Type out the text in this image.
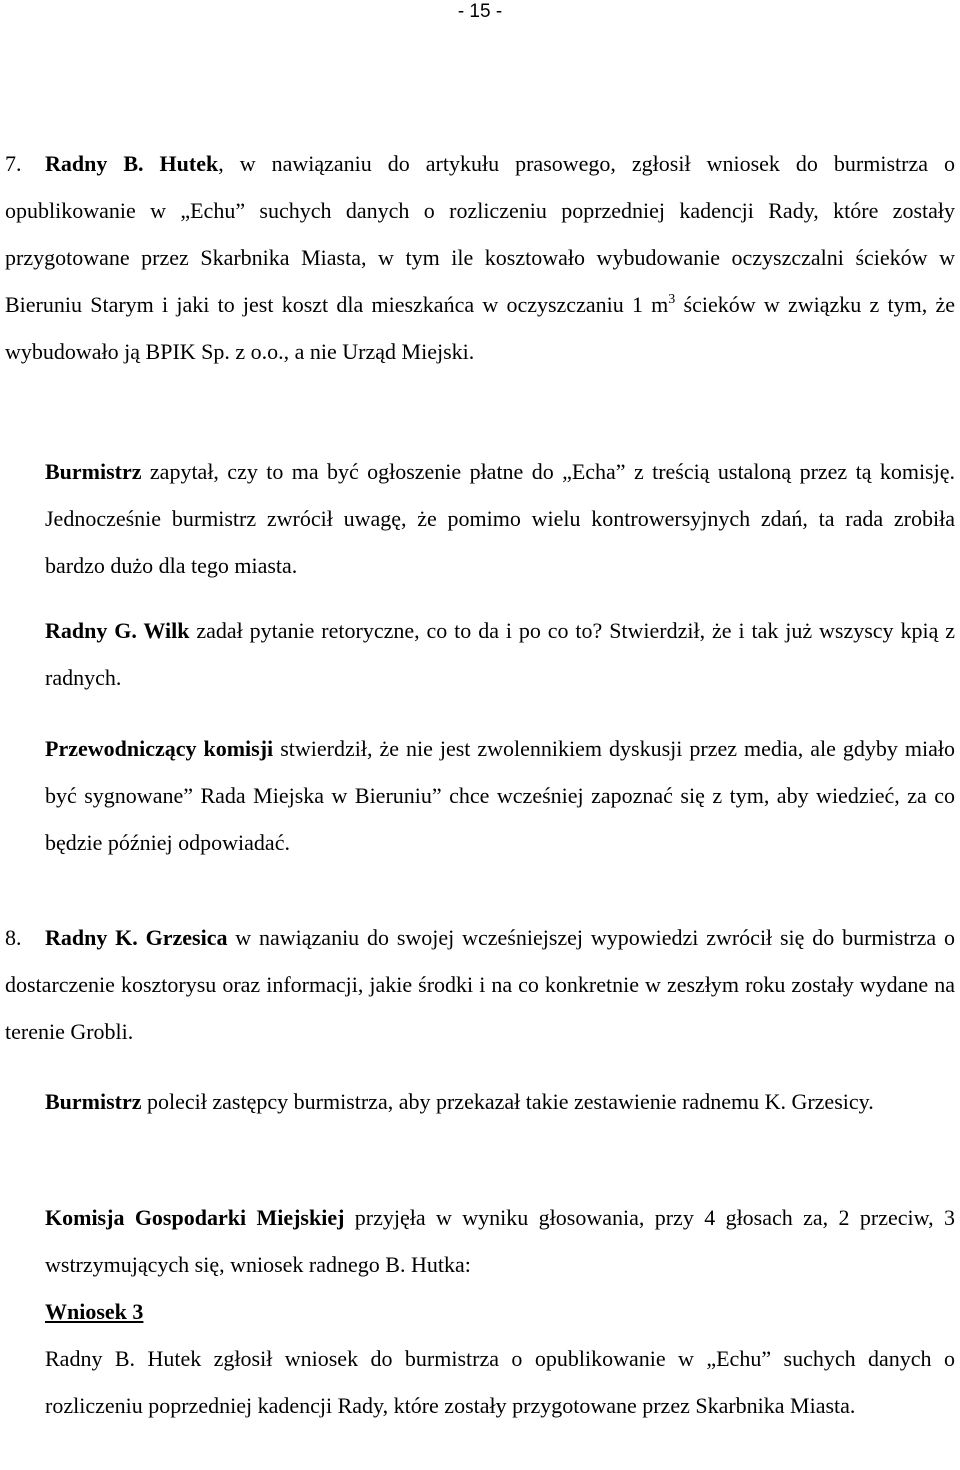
- 15 -

7. Radny B. Hutek, w nawiązaniu do artykułu prasowego, zgłosił wniosek do burmistrza o opublikowanie w „Echu” suchych danych o rozliczeniu poprzedniej kadencji Rady, które zostały przygotowane przez Skarbnika Miasta, w tym ile kosztowało wybudowanie oczyszczalni ścieków w Bieruniu Starym i jaki to jest koszt dla mieszkańca w oczyszczaniu 1 $m^3$ ścieków w związku z tym, że wybudowało ją BPIK Sp. z o.o., a nie Urząd Miejski.

Burmistrz zapytał, czy to ma być ogłoszenie płatne do „Echa” z treścią ustaloną przez tą komisję. Jednocześnie burmistrz zwrócił uwagę, że pomimo wielu kontrowersyjnych zdań, ta rada zrobiła bardzo dużo dla tego miasta.

Radny G. Wilk zadał pytanie retoryczne, co to da i po co to? Stwierdził, że i tak już wszyscy kpią z radnych.

Przewodniczący komisji stwierdził, że nie jest zwolennikiem dyskusji przez media, ale gdyby miało być sygnowane” Rada Miejska w Bieruniu” chce wcześniej zapoznać się z tym, aby wiedzieć, za co będzie później odpowiadać.

8. Radny K. Grzesica w nawiązaniu do swojej wcześniejszej wypowiedzi zwrócił się do burmistrza o dostarczenie kosztorysu oraz informacji, jakie środki i na co konkretnie w zeszłym roku zostały wydane na terenie Grobli.

Burmistrz polecił zastępcy burmistrza, aby przekazał takie zestawienie radnemu K. Grzesicy.

Komisja Gospodarki Miejskiej przyjęła w wyniku głosowania, przy 4 głosach za, 2 przeciw, 3 wstrzymujących się, wniosek radnego B. Hutka:

Wniosek 3

Radny B. Hutek zgłosił wniosek do burmistrza o opublikowanie w „Echu” suchych danych o rozliczeniu poprzedniej kadencji Rady, które zostały przygotowane przez Skarbnika Miasta.
